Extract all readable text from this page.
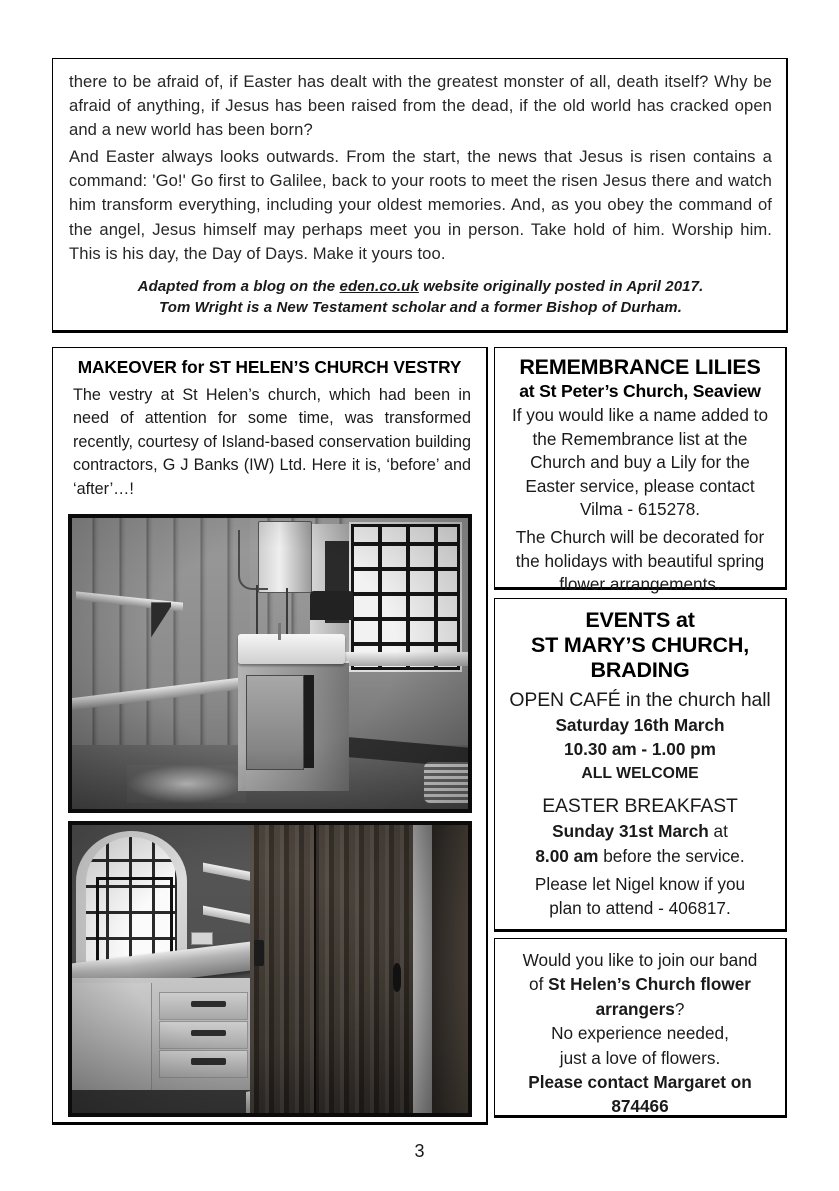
there to be afraid of, if Easter has dealt with the greatest monster of all, death itself? Why be afraid of anything, if Jesus has been raised from the dead, if the old world has cracked open and a new world has been born?

And Easter always looks outwards. From the start, the news that Jesus is risen contains a command: 'Go!' Go first to Galilee, back to your roots to meet the risen Jesus there and watch him transform everything, including your oldest memories. And, as you obey the command of the angel, Jesus himself may perhaps meet you in person. Take hold of him. Worship him. This is his day, the Day of Days. Make it yours too.

Adapted from a blog on the eden.co.uk website originally posted in April 2017.
Tom Wright is a New Testament scholar and a former Bishop of Durham.

MAKEOVER for ST HELEN’S CHURCH VESTRY
The vestry at St Helen’s church, which had been in need of attention for some time, was transformed recently, courtesy of Island-based conservation building contractors, G J Banks (IW) Ltd. Here it is, ‘before’ and ‘after’…!
REMEMBRANCE LILIES
at St Peter’s Church, Seaview
If you would like a name added to the Remembrance list at the Church and buy a Lily for the Easter service, please contact Vilma - 615278.
The Church will be decorated for the holidays with beautiful spring flower arrangements.
EVENTS at
ST MARY’S CHURCH,
BRADING
OPEN CAFÉ in the church hall
Saturday 16th March
10.30 am - 1.00 pm
ALL WELCOME
EASTER BREAKFAST
Sunday 31st March at
8.00 am before the service.
Please let Nigel know if you
plan to attend - 406817.
Would you like to join our band
of St Helen’s Church flower
arrangers?
No experience needed,
just a love of flowers.
Please contact Margaret on
874466
3
